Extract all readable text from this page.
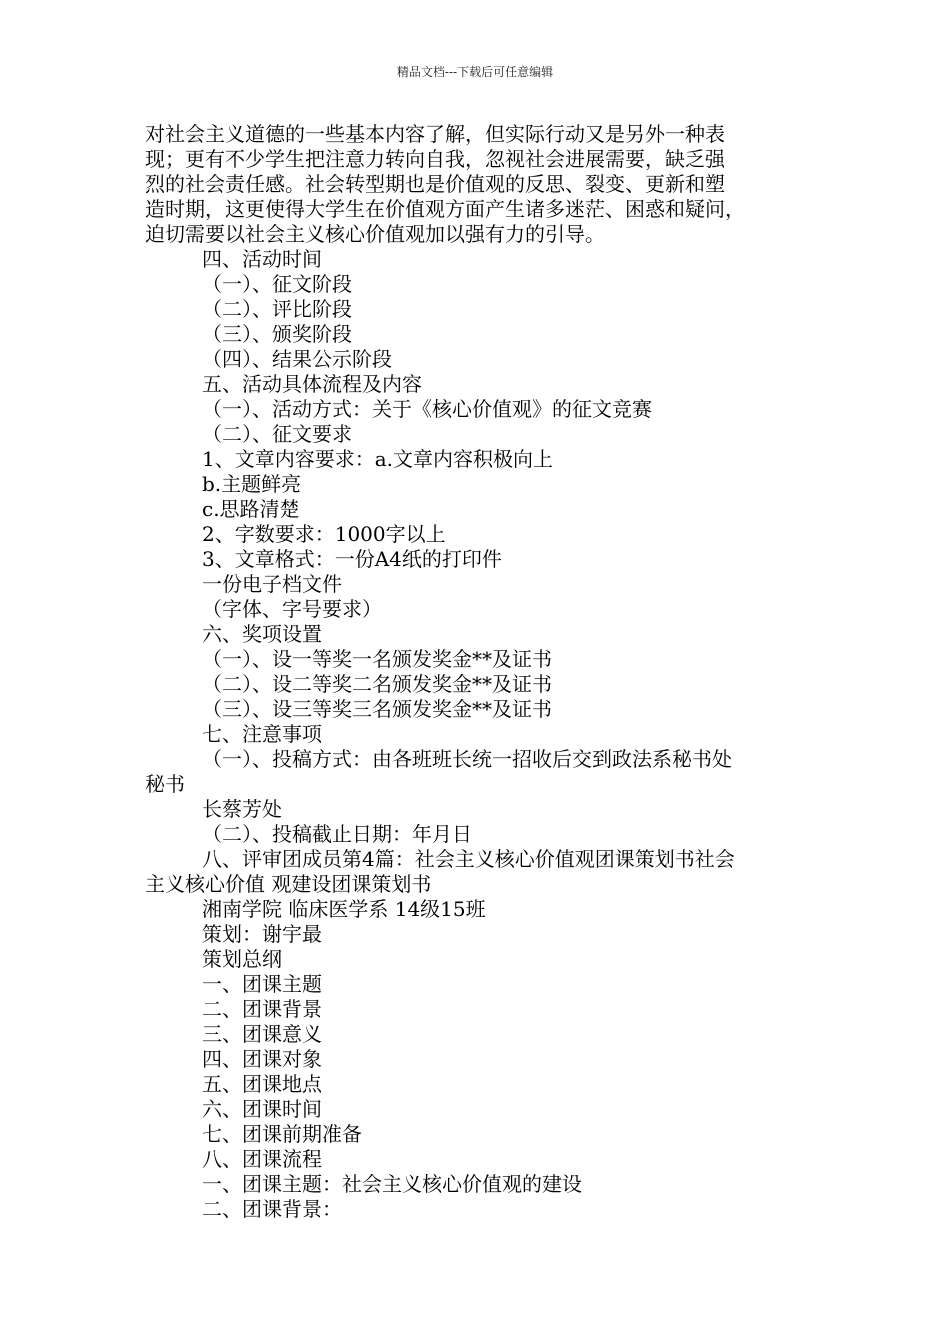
精品文档---下载后可任意编辑
对社会主义道德的一些基本内容了解，但实际行动又是另外一种表
现；更有不少学生把注意力转向自我，忽视社会进展需要，缺乏强
烈的社会责任感。社会转型期也是价值观的反思、裂变、更新和塑
造时期，这更使得大学生在价值观方面产生诸多迷茫、困惑和疑问，
迫切需要以社会主义核心价值观加以强有力的引导。
四、活动时间
（一）、征文阶段
（二）、评比阶段
（三）、颁奖阶段
（四）、结果公示阶段
五、活动具体流程及内容
（一）、活动方式：关于《核心价值观》的征文竞赛
（二）、征文要求
1、文章内容要求：a.文章内容积极向上
b.主题鲜亮
c.思路清楚
2、字数要求：1000字以上
3、文章格式：一份A4纸的打印件
一份电子档文件
（字体、字号要求）
六、奖项设置
（一）、设一等奖一名颁发奖金**及证书
（二）、设二等奖二名颁发奖金**及证书
（三）、设三等奖三名颁发奖金**及证书
七、注意事项
（一）、投稿方式：由各班班长统一招收后交到政法系秘书处
秘书
长蔡芳处
（二）、投稿截止日期：年月日
八、评审团成员第4篇：社会主义核心价值观团课策划书社会
主义核心价值 观建设团课策划书
湘南学院 临床医学系 14级15班
策划：谢宇最
策划总纲
一、团课主题
二、团课背景
三、团课意义
四、团课对象
五、团课地点
六、团课时间
七、团课前期准备
八、团课流程
一、团课主题：社会主义核心价值观的建设
二、团课背景：
